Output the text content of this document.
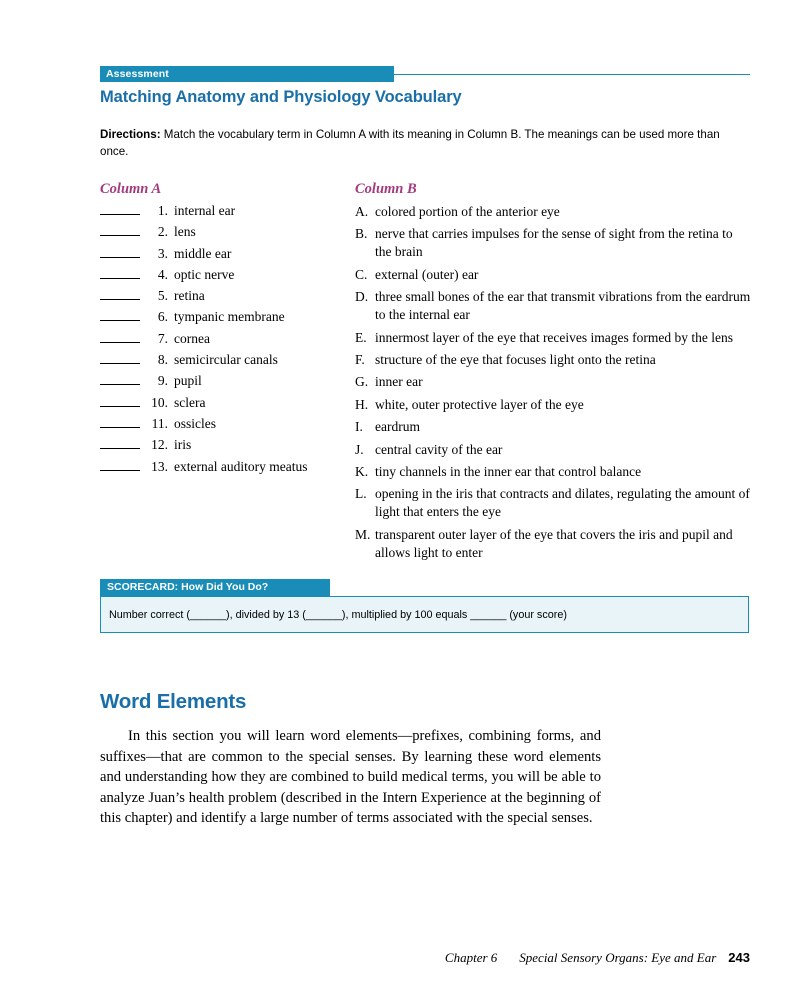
Assessment
Matching Anatomy and Physiology Vocabulary
Directions: Match the vocabulary term in Column A with its meaning in Column B. The meanings can be used more than once.
Column A	Column B
1. internal ear
2. lens
3. middle ear
4. optic nerve
5. retina
6. tympanic membrane
7. cornea
8. semicircular canals
9. pupil
10. sclera
11. ossicles
12. iris
13. external auditory meatus
A. colored portion of the anterior eye
B. nerve that carries impulses for the sense of sight from the retina to the brain
C. external (outer) ear
D. three small bones of the ear that transmit vibrations from the eardrum to the internal ear
E. innermost layer of the eye that receives images formed by the lens
F. structure of the eye that focuses light onto the retina
G. inner ear
H. white, outer protective layer of the eye
I. eardrum
J. central cavity of the ear
K. tiny channels in the inner ear that control balance
L. opening in the iris that contracts and dilates, regulating the amount of light that enters the eye
M. transparent outer layer of the eye that covers the iris and pupil and allows light to enter
SCORECARD: How Did You Do?
Number correct (______), divided by 13 (______), multiplied by 100 equals ______ (your score)
Word Elements
In this section you will learn word elements—prefixes, combining forms, and suffixes—that are common to the special senses. By learning these word elements and understanding how they are combined to build medical terms, you will be able to analyze Juan’s health problem (described in the Intern Experience at the beginning of this chapter) and identify a large number of terms associated with the special senses.
Chapter 6 Special Sensory Organs: Eye and Ear 243
